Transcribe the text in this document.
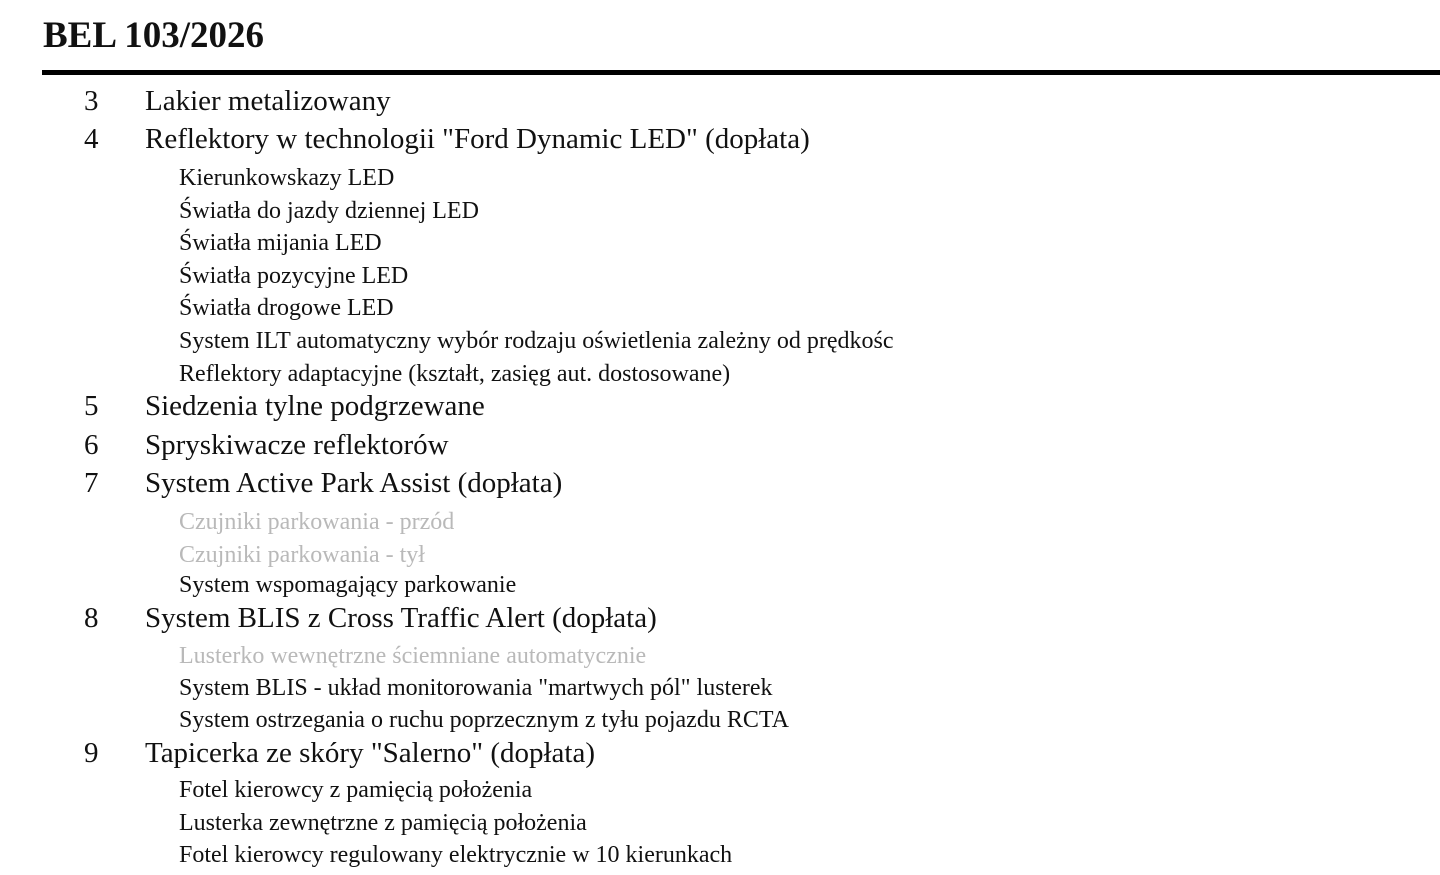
BEL 103/2026
3 Lakier metalizowany
4 Reflektory w technologii "Ford Dynamic LED" (dopłata)
Kierunkowskazy LED
Światła do jazdy dziennej LED
Światła mijania LED
Światła pozycyjne LED
Światła drogowe LED
System ILT automatyczny wybór rodzaju oświetlenia zależny od prędkośc
Reflektory adaptacyjne (kształt, zasięg aut. dostosowane)
5 Siedzenia tylne podgrzewane
6 Spryskiwacze reflektorów
7 System Active Park Assist (dopłata)
Czujniki parkowania - przód
Czujniki parkowania - tył
System wspomagający parkowanie
8 System BLIS z Cross Traffic Alert (dopłata)
Lusterko wewnętrzne ściemniane automatycznie
System BLIS - układ monitorowania "martwych pól" lusterek
System ostrzegania o ruchu poprzecznym z tyłu pojazdu RCTA
9 Tapicerka ze skóry "Salerno" (dopłata)
Fotel kierowcy z pamięcią położenia
Lusterka zewnętrzne z pamięcią położenia
Fotel kierowcy regulowany elektrycznie w 10 kierunkach
